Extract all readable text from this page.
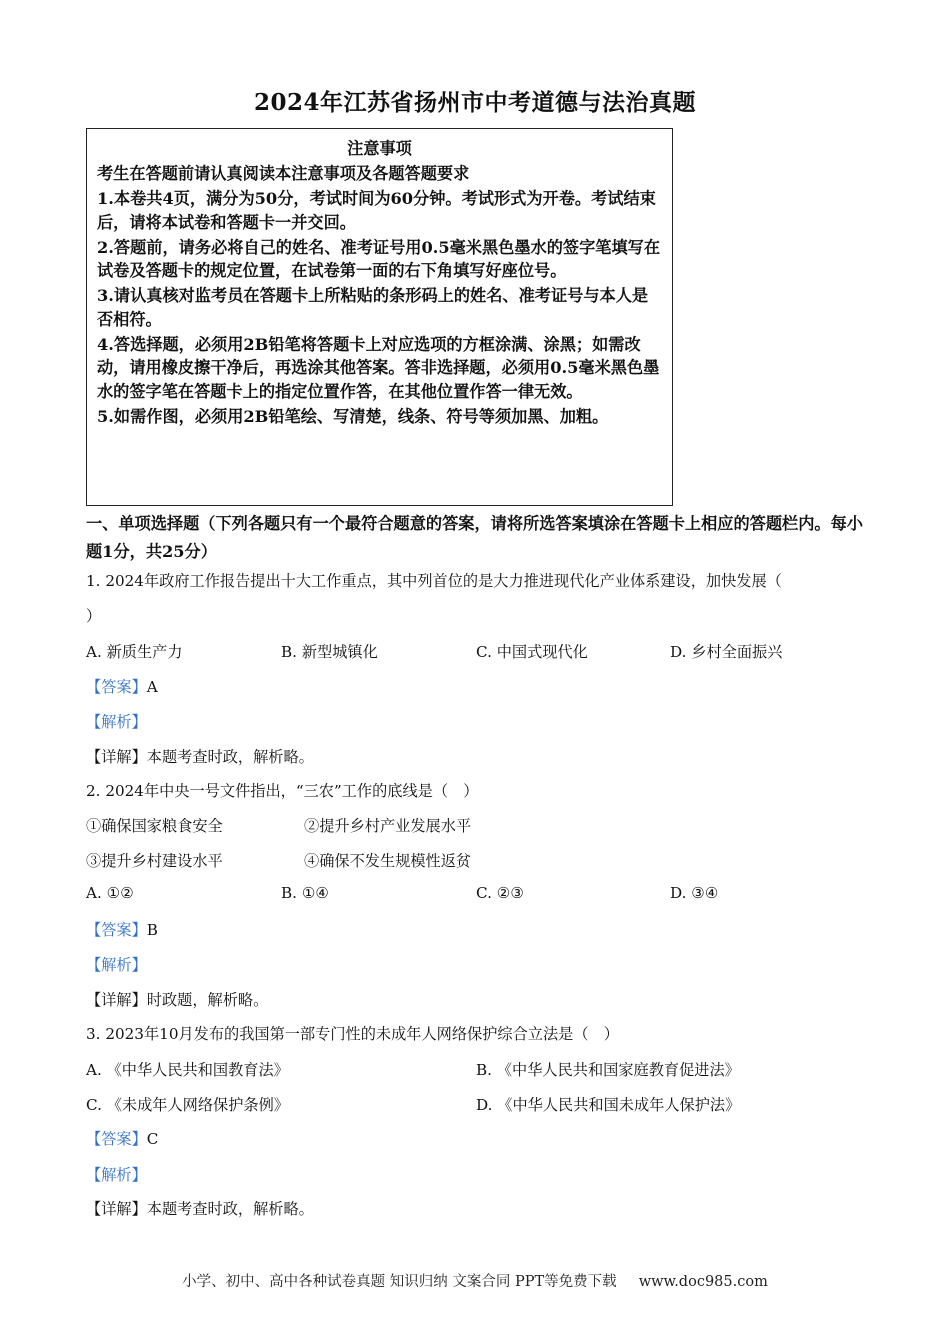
2024年江苏省扬州市中考道德与法治真题

注意事项

考生在答题前请认真阅读本注意事项及各题答题要求

1.本卷共4页，满分为50分，考试时间为60分钟。考试形式为开卷。考试结束后，请将本试卷和答题卡一并交回。

2.答题前，请务必将自己的姓名、准考证号用0.5毫米黑色墨水的签字笔填写在试卷及答题卡的规定位置，在试卷第一面的右下角填写好座位号。

3.请认真核对监考员在答题卡上所粘贴的条形码上的姓名、准考证号与本人是否相符。

4.答选择题，必须用2B铅笔将答题卡上对应选项的方框涂满、涂黑；如需改动，请用橡皮擦干净后，再选涂其他答案。答非选择题，必须用0.5毫米黑色墨水的签字笔在答题卡上的指定位置作答，在其他位置作答一律无效。

5.如需作图，必须用2B铅笔绘、写清楚，线条、符号等须加黑、加粗。

一、单项选择题（下列各题只有一个最符合题意的答案，请将所选答案填涂在答题卡上相应的答题栏内。每小题1分，共25分）
1. 2024年政府工作报告提出十大工作重点，其中列首位的是大力推进现代化产业体系建设，加快发展（
）
A. 新质生产力	B. 新型城镇化	C. 中国式现代化	D. 乡村全面振兴
【答案】A
【解析】
【详解】本题考查时政，解析略。
2. 2024年中央一号文件指出，“三农”工作的底线是（　）
①确保国家粮食安全	②提升乡村产业发展水平
③提升乡村建设水平	④确保不发生规模性返贫
A. ①②	B. ①④	C. ②③	D. ③④
【答案】B
【解析】
【详解】时政题，解析略。
3. 2023年10月发布的我国第一部专门性的未成年人网络保护综合立法是（　）
A. 《中华人民共和国教育法》	B. 《中华人民共和国家庭教育促进法》
C. 《未成年人网络保护条例》	D. 《中华人民共和国未成年人保护法》
【答案】C
【解析】
【详解】本题考查时政，解析略。
小学、初中、高中各种试卷真题 知识归纳 文案合同 PPT等免费下载 www.doc985.com
